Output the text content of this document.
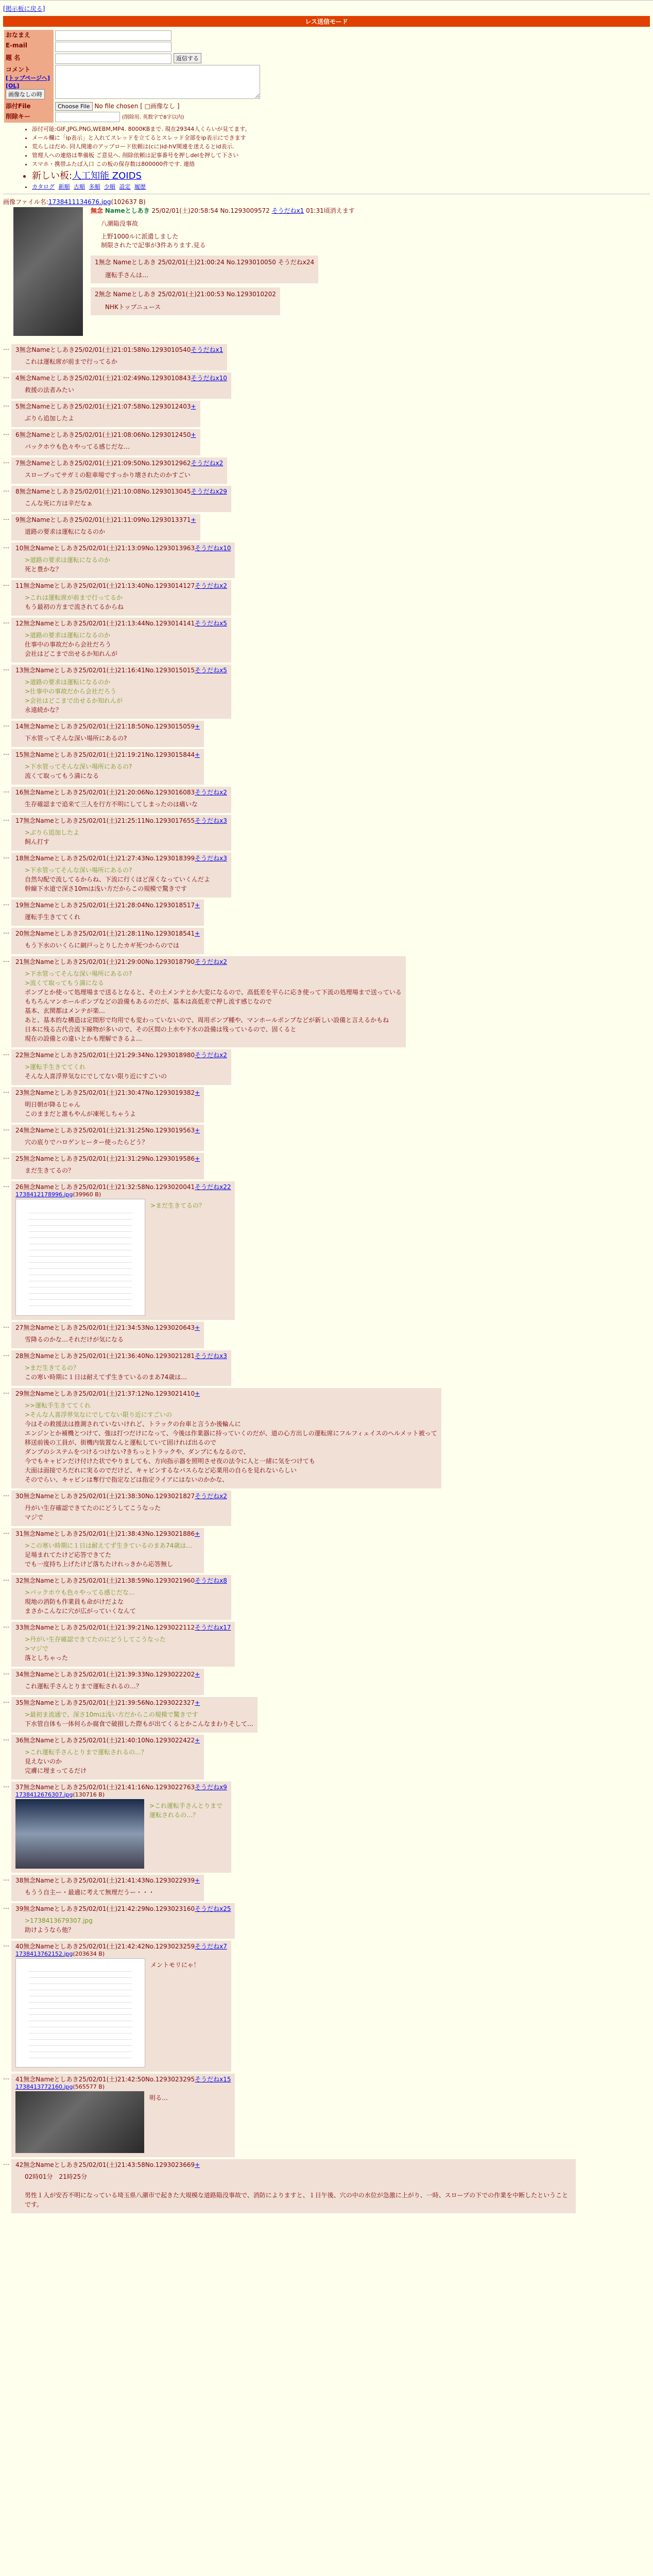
[掲示板に戻る]
レス送信モード
おなまえ	
E-mail	
題 名	返信する
コメント
[トップページへ] [OL] 画像なしの時	
添付File	Choose File No file chosen [ □画像なし ]
削除キー	(削除用. 英数字で8字以内)
• 添付可能:GIF,JPG,PNG,WEBM,MP4. 8000KBまで. 現在29344人くらいが見てます。
• メール欄に「ip表示」と入れてスレッドを立てるとスレッド全部をip表示にできます
• 荒らしはだめ. 同人関連のアップロード依頼は(cに)id-hV関連を迷えるとid表示.
• 管理人への連絡は準備板 ご意見へ. 削除依頼は記事番号を押しdelを押して下さい
• スマホ・携帯ふたば入口 この板の保存数は800000件です. 連絡
• 新しい板:人工知能 ZOIDS
• カタログ 新順 古順 多順 少順 設定 履歴
画像ファイル名:1738411134676.jpg(102637 B)
無念 Nameとしあき 25/02/01(土)20:58:54 No.1293009572 そうだねx1 01:31頃消えます
八潮陥没事故
上野1000ルに派遣しました
制限されたで記事が3件あります.見る
1無念 Nameとしあき 25/02/01(土)21:00:24 No.1293010050 そうだねx24
運転手さんは…

2無念 Nameとしあき 25/02/01(土)21:00:53 No.1293010202
NHKトップニュース
… 3無念Nameとしあき25/02/01(土)21:01:58No.1293010540そうだねx1
これは運転席が前まで行ってるか
… 4無念Nameとしあき25/02/01(土)21:02:49No.1293010843そうだねx10
救援の法者みたい
… 5無念Nameとしあき25/02/01(土)21:07:58No.1293012403+
ぶりら追加したよ
… 6無念Nameとしあき25/02/01(土)21:08:06No.1293012450+
バックホウも色々やってる感じだな…
… 7無念Nameとしあき25/02/01(土)21:09:50No.1293012962そうだねx2
スロープってサガミの駐車場ですっかり壊されたのかすごい
… 8無念Nameとしあき25/02/01(土)21:10:08No.1293013045そうだねx29
こんな死に方は辛だなぁ
… 9無念Nameとしあき25/02/01(土)21:11:09No.1293013371+
道路の要求は運転になるのか
… 10無念Nameとしあき25/02/01(土)21:13:09No.1293013963そうだねx10
>道路の要求は運転になるのか
死と豊かな？
… 11無念Nameとしあき25/02/01(土)21:13:40No.1293014127そうだねx2
>これは運転席が前まで行ってるか
もう最初の方まで流されてるからね
… 12無念Nameとしあき25/02/01(土)21:13:44No.1293014141そうだねx5
>道路の要求は運転になるのか
仕事中の事故だから会社だろう
会社はどこまで出せるか知れんが
… 13無念Nameとしあき25/02/01(土)21:16:41No.1293015015そうだねx5
>道路の要求は運転になるのか
>仕事中の事故だから会社だろう
>会社はどこまで出せるか知れんが
永遠続かな？
… 14無念Nameとしあき25/02/01(土)21:18:50No.1293015059+
下水管ってそんな深い場所にあるの?
… 15無念Nameとしあき25/02/01(土)21:19:21No.1293015844+
>下水管ってそんな深い場所にあるの?
流くて取ってもう満になる
… 16無念Nameとしあき25/02/01(土)21:20:06No.1293016083そうだねx2
生存確認まで追来て三人を行方不明にしてしまったのは痛いな
… 17無念Nameとしあき25/02/01(土)21:25:11No.1293017655そうだねx3
>ぶりら追加したよ
飼ん打す
… 18無念Nameとしあき25/02/01(土)21:27:43No.1293018399そうだねx3
>下水管ってそんな深い場所にあるの?
自然勾配で流してるからね、下流に行くほど深くなっていくんだよ
幹線下水道で深さ10mは浅い方だからこの規模で驚きです
… 19無念Nameとしあき25/02/01(土)21:28:04No.1293018517+
運転手生きててくれ
… 20無念Nameとしあき25/02/01(土)21:28:11No.1293018541+
もう下水のいくらに網戸っとりしたカギ死つからのでは
… 21無念Nameとしあき25/02/01(土)21:29:00No.1293018790そうだねx2
>下水管ってそんな深い場所にあるの?
>流くて取ってもう満になる
ポンプとか使って処理場まで送るとなると、その土メンテとか大変になるので、高低差を平らに応き使って下流の処理場まで送っている
もちろんマンホールポンプなどの設備もあるのだが、基本は高低差で押し流す感じなので
基本、玄関都はメンテが楽…
あと、基本的な構造は定間形で均用でも変わっていないので、周用ポンプ種や、マンホールポンプなどが新しい設備と言えるかもね
日本に残る古代合流下線物が多いので、その区間の上水や下水の設備は残っているので、固くると
現在の設備との違いとかも理解できるよ…
… 22無念Nameとしあき25/02/01(土)21:29:34No.1293018980そうだねx2
>運転手生きててくれ
そんな人喜浮界気なにでしてない限り近にすごいの
… 23無念Nameとしあき25/02/01(土)21:30:47No.1293019382+
明日朝が降るじゃん
このままだと誰もやんが凍死しちゃうよ
… 24無念Nameとしあき25/02/01(土)21:31:25No.1293019563+
穴の底りでハロゲンヒーター使ったらどう？
… 25無念Nameとしあき25/02/01(土)21:31:29No.1293019586+
まだ生きてるの？
… 26無念Nameとしあき25/02/01(土)21:32:58No.1293020041そうだねx22
1738412178996.jpg(39960 B)
>まだ生きてるの？
… 27無念Nameとしあき25/02/01(土)21:34:53No.1293020643+
雪降るのかな…それだけが気になる
… 28無念Nameとしあき25/02/01(土)21:36:40No.1293021281そうだねx3
>まだ生きてるの？
この寒い時期に１日は耐えてず生きているのまあ74歳は…
… 29無念Nameとしあき25/02/01(土)21:37:12No.1293021410+
>>運転手生きててくれ
>そんな人喜浮界気なにでしてない限り近にすごいの
今はその救援法は推測されていないけれど、トラックの台車と言うか後輪んに
エンジンとか補機とつけて、強は打つだけになって、今後は作業器に持っていくのだが、道の心方出しの運転席にフルフィェイスのヘルメット被って
移送前後の工員が、街機内装置なんと運転していて固ければ出るので
ダンプのシステムをつけるつけない?きちっとトラックや、ダンプにもなるので、
今でもキャビンだけ付けた状でやりましても、方向指示器を照明させ夜の法令に人と一緒に気をつけても
大面は面接でろだれに実るのでだけど、キャビンするなバスらなど応業用の自らを見れないらしい
そのでらい、キャビンは奪行で指定などは指定ライアにはないのかかな、
… 30無念Nameとしあき25/02/01(土)21:38:30No.1293021827そうだねx2
丹がい生存確認できてたのにどうしてこうなった
マジで
… 31無念Nameとしあき25/02/01(土)21:38:43No.1293021886+
>この寒い時期に１日は耐えてず生きているのまあ74歳は…
足場まれてたけど応答できてた
でも一度持ち上げたけど落ちたけれっきから応答無し
… 32無念Nameとしあき25/02/01(土)21:38:59No.1293021960そうだねx8
>バックホウも色々やってる感じだな…
現地の消防も作業員も命がけだよな
まさかこんなに穴が広がっていくなんて
… 33無念Nameとしあき25/02/01(土)21:39:21No.1293022112そうだねx17
>丹がい生存確認できてたのにどうしてこうなった
>マジで
落としちゃった
… 34無念Nameとしあき25/02/01(土)21:39:33No.1293022202+
これ運転手さんとりまで運転されるの…？
… 35無念Nameとしあき25/02/01(土)21:39:56No.1293022327+
>最初ま流通で、深さ10mは浅い方だからこの規模で驚きです
下水管自体も一体何らか腐食で破損した際もが出てくるとかこんなまわりそして…
… 36無念Nameとしあき25/02/01(土)21:40:10No.1293022422+
>これ運転手さんとりまで運転されるの…？
見えないのか
完膚に埋まってるだけ
… 37無念Nameとしあき25/02/01(土)21:41:16No.1293022763そうだねx9
1738412676307.jpg(130716 B)
>これ運転手さんとりまで運転されるの…？
… 38無念Nameとしあき25/02/01(土)21:41:43No.1293022939+
もうう自主ー・最適に考えて無理だうー・・・
… 39無念Nameとしあき25/02/01(土)21:42:29No.1293023160そうだねx25
>1738413679307.jpg
助けようなら他？
… 40無念Nameとしあき25/02/01(土)21:42:42No.1293023259そうだねx7
1738413762152.jpg(203634 B)
メントモリにゃ！
… 41無念Nameとしあき25/02/01(土)21:42:50No.1293023295そうだねx15
1738413772160.jpg(565577 B)
明る…
… 42無念Nameとしあき25/02/01(土)21:43:58No.1293023669+
02時01分　21時25分

男性１人が安否不明になっている埼玉県八潮市で起きた大規模な道路陥没事故で、消防によりますと、１日午後、穴の中の水位が急激に上がり、一時、スロープの下での作業を中断したということです。
